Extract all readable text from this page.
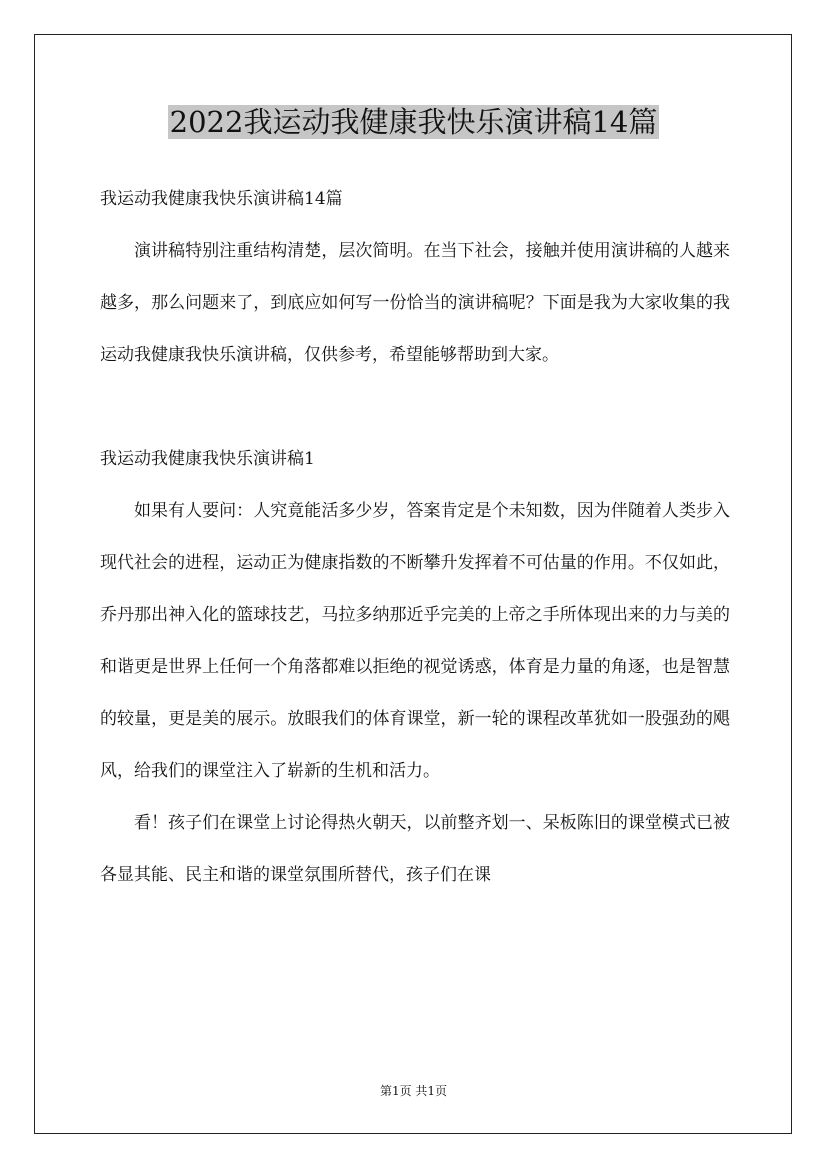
2022我运动我健康我快乐演讲稿14篇

我运动我健康我快乐演讲稿14篇

演讲稿特别注重结构清楚，层次简明。在当下社会，接触并使用演讲稿的人越来越多，那么问题来了，到底应如何写一份恰当的演讲稿呢？下面是我为大家收集的我运动我健康我快乐演讲稿，仅供参考，希望能够帮助到大家。

我运动我健康我快乐演讲稿1

如果有人要问：人究竟能活多少岁，答案肯定是个未知数，因为伴随着人类步入现代社会的进程，运动正为健康指数的不断攀升发挥着不可估量的作用。不仅如此，乔丹那出神入化的篮球技艺，马拉多纳那近乎完美的上帝之手所体现出来的力与美的和谐更是世界上任何一个角落都难以拒绝的视觉诱惑，体育是力量的角逐，也是智慧的较量，更是美的展示。放眼我们的体育课堂，新一轮的课程改革犹如一股强劲的飓风，给我们的课堂注入了崭新的生机和活力。

看！孩子们在课堂上讨论得热火朝天，以前整齐划一、呆板陈旧的课堂模式已被各显其能、民主和谐的课堂氛围所替代，孩子们在课

第1页 共1页
